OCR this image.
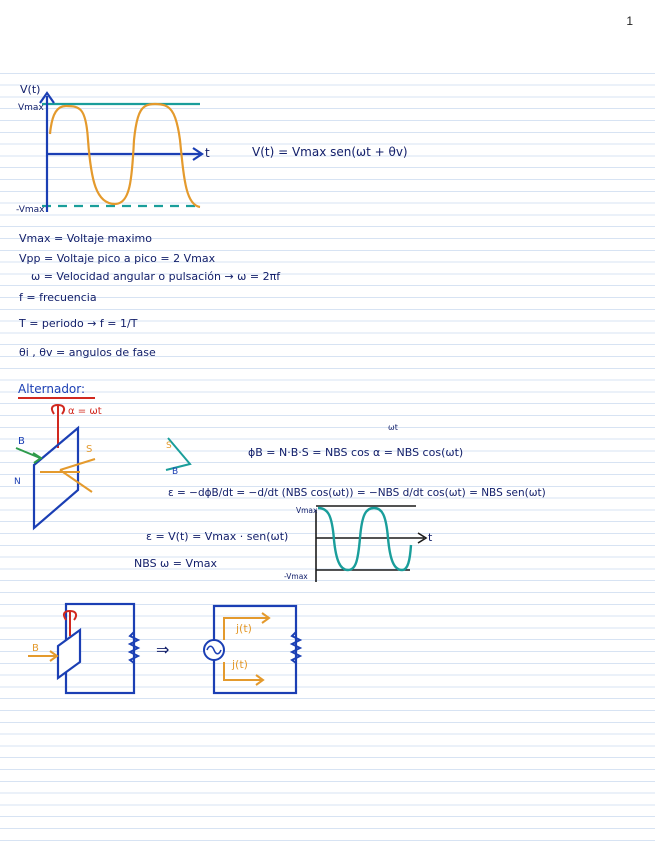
1
V(t)
Vmax
-Vmax
t	V(t) = Vmax sen(ωt + θv)
Vmax = Voltaje maximo
Vpp = Voltaje pico a pico = 2 Vmax
ω = Velocidad angular o pulsación → ω = 2πf
f = frecuencia
T = periodo → f = 1/T
θi , θv = angulos de fase
Alternador:
α = ωt
B
S
N
S
B
ωt
ϕB = N·B·S = NBS cos α = NBS cos(ωt)
ε = −dϕB/dt = −d/dt (NBS cos(ωt)) = −NBS d/dt cos(ωt) = NBS sen(ωt)
ε = V(t) = Vmax · sen(ωt)
NBS ω = Vmax
Vmax
-Vmax
t
B	⇒
j(t)
j(t)
